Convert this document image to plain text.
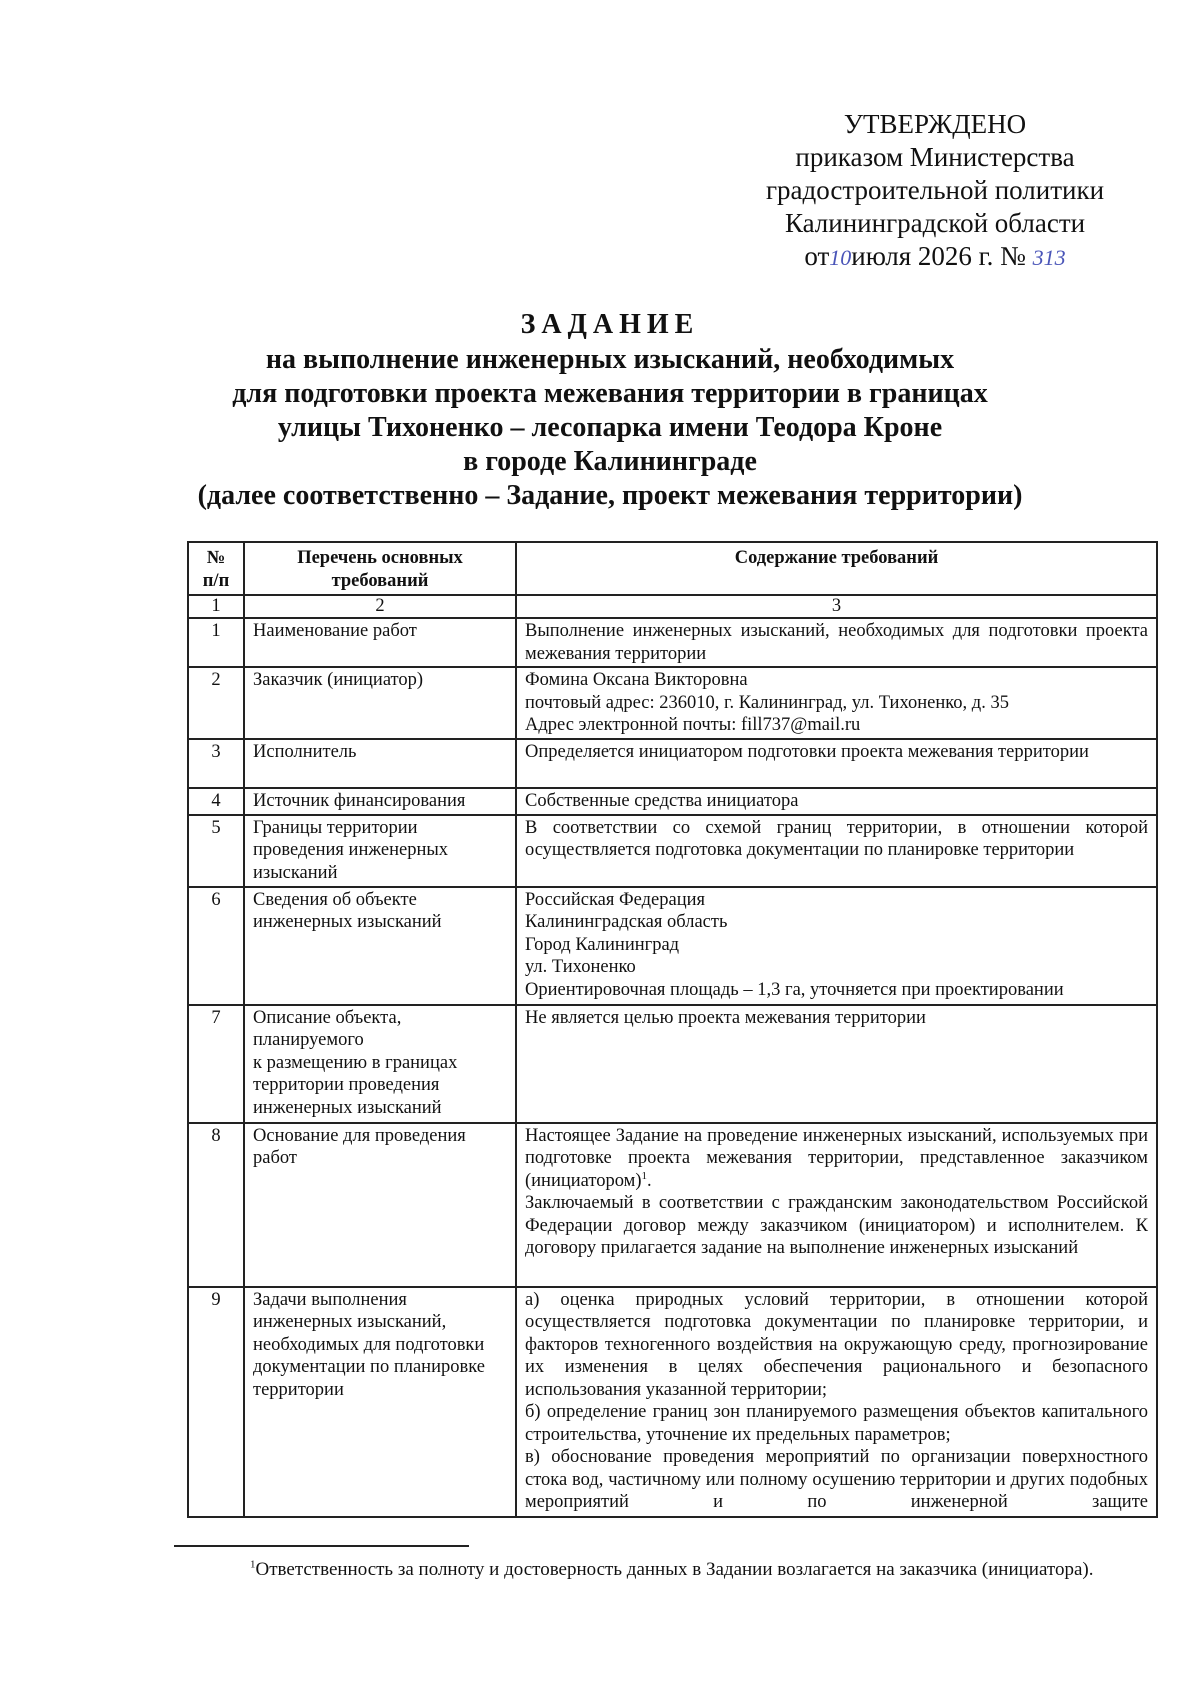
УТВЕРЖДЕНО
приказом Министерства
градостроительной политики
Калининградской области
от10июля 2026 г. № 313
ЗАДАНИЕ
на выполнение инженерных изысканий, необходимых
для подготовки проекта межевания территории в границах
улицы Тихоненко – лесопарка имени Теодора Кроне
в городе Калининграде
(далее соответственно – Задание, проект межевания территории)
№ п/п	Перечень основных требований	Содержание требований
1	2	3
1	Наименование работ	Выполнение инженерных изысканий, необходимых для подготовки проекта межевания территории
2	Заказчик (инициатор)	Фомина Оксана Викторовна
почтовый адрес: 236010, г. Калининград, ул. Тихоненко, д. 35
Адрес электронной почты: fill737@mail.ru

3	Исполнитель	Определяется инициатором подготовки проекта межевания территории
4	Источник финансирования	Собственные средства инициатора
5	Границы территории проведения инженерных изысканий	В соответствии со схемой границ территории, в отношении которой осуществляется подготовка документации по планировке территории
6	Сведения об объекте инженерных изысканий	Российская Федерация
Калининградская область
Город Калининград
ул. Тихоненко
Ориентировочная площадь – 1,3 га, уточняется при проектировании

7	Описание объекта,
планируемого
к размещению в границах территории проведения инженерных изысканий	Не является целью проекта межевания территории
8	Основание для проведения работ	Настоящее Задание на проведение инженерных изысканий, используемых при подготовке проекта межевания территории, представленное заказчиком (инициатором)$^1$.
Заключаемый в соответствии с гражданским законодательством Российской Федерации договор между заказчиком (инициатором) и исполнителем. К договору прилагается задание на выполнение инженерных изысканий

9	Задачи выполнения инженерных изысканий, необходимых для подготовки документации по планировке территории	а) оценка природных условий территории, в отношении которой осуществляется подготовка документации по планировке территории, и факторов техногенного воздействия на окружающую среду, прогнозирование их изменения в целях обеспечения рационального и безопасного использования указанной территории;
б) определение границ зон планируемого размещения объектов капитального строительства, уточнение их предельных параметров;
в) обоснование проведения мероприятий по организации поверхностного стока вод, частичному или полному осушению территории и других подобных мероприятий и по инженерной защите
$^1$Ответственность за полноту и достоверность данных в Задании возлагается на заказчика (инициатора).
